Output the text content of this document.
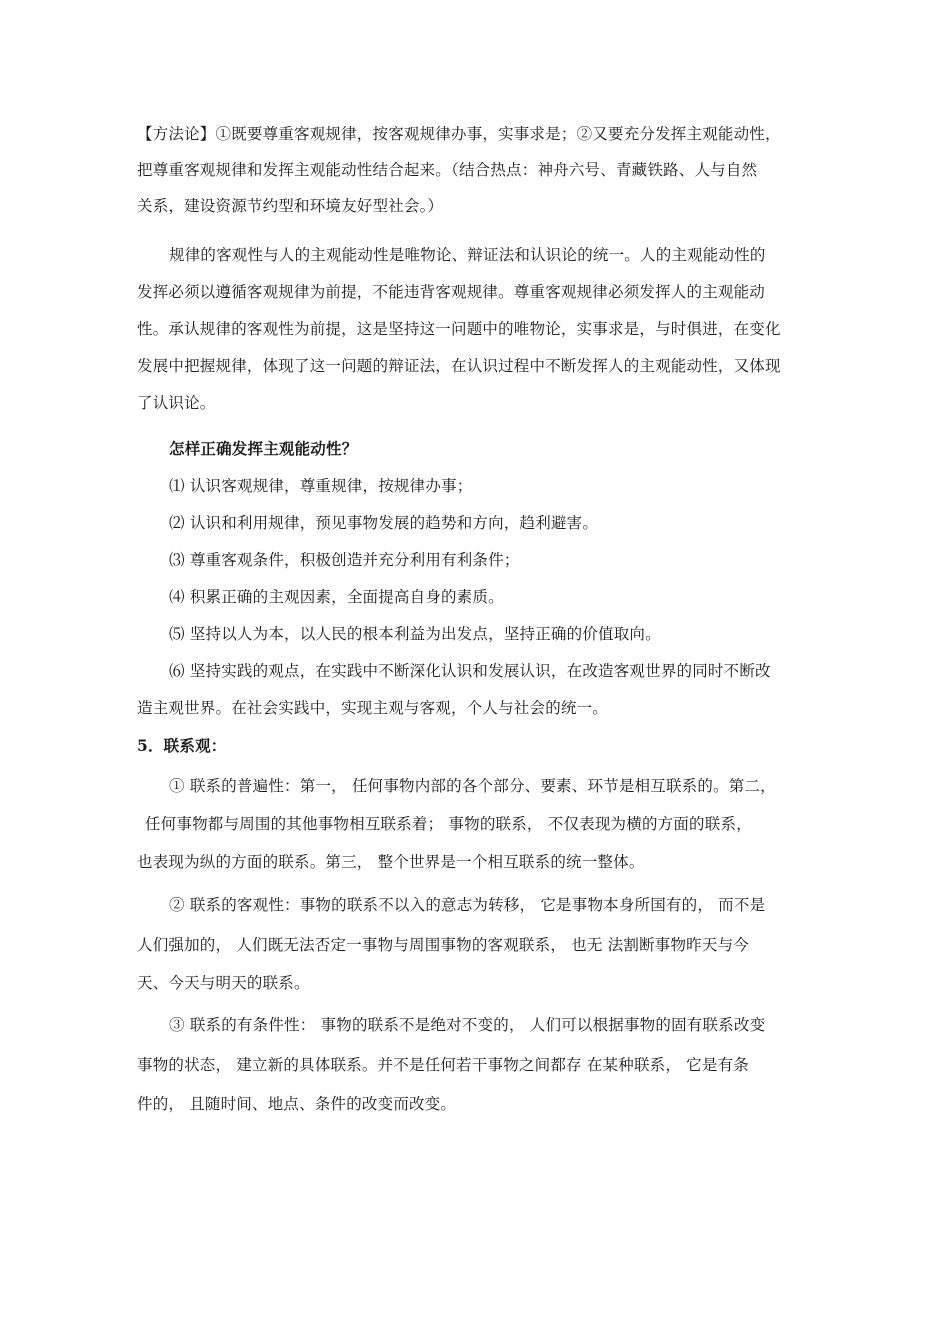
【方法论】①既要尊重客观规律，按客观规律办事，实事求是；②又要充分发挥主观能动性，
把尊重客观规律和发挥主观能动性结合起来。（结合热点：神舟六号、青藏铁路、人与自然
关系，建设资源节约型和环境友好型社会。）
规律的客观性与人的主观能动性是唯物论、辩证法和认识论的统一。人的主观能动性的
发挥必须以遵循客观规律为前提，不能违背客观规律。尊重客观规律必须发挥人的主观能动
性。承认规律的客观性为前提，这是坚持这一问题中的唯物论，实事求是，与时俱进，在变化
发展中把握规律，体现了这一问题的辩证法，在认识过程中不断发挥人的主观能动性，又体现
了认识论。
怎样正确发挥主观能动性？
⑴ 认识客观规律，尊重规律，按规律办事；
⑵ 认识和利用规律，预见事物发展的趋势和方向，趋利避害。
⑶ 尊重客观条件，积极创造并充分利用有利条件；
⑷ 积累正确的主观因素，全面提高自身的素质。
⑸ 坚持以人为本，以人民的根本利益为出发点，坚持正确的价值取向。
⑹ 坚持实践的观点，在实践中不断深化认识和发展认识，在改造客观世界的同时不断改
造主观世界。在社会实践中，实现主观与客观，个人与社会的统一。
5．联系观：
① 联系的普遍性：第一， 任何事物内部的各个部分、要素、环节是相互联系的。第二，
任何事物都与周围的其他事物相互联系着； 事物的联系， 不仅表现为横的方面的联系，
也表现为纵的方面的联系。第三， 整个世界是一个相互联系的统一整体。
② 联系的客观性：事物的联系不以入的意志为转移， 它是事物本身所国有的， 而不是
人们强加的， 人们既无法否定一事物与周围事物的客观联系， 也无 法割断事物昨天与今
天、今天与明天的联系。
③ 联系的有条件性： 事物的联系不是绝对不变的， 人们可以根据事物的固有联系改变
事物的状态， 建立新的具体联系。并不是任何若干事物之间都存 在某种联系， 它是有条
件的， 且随时间、地点、条件的改变而改变。
